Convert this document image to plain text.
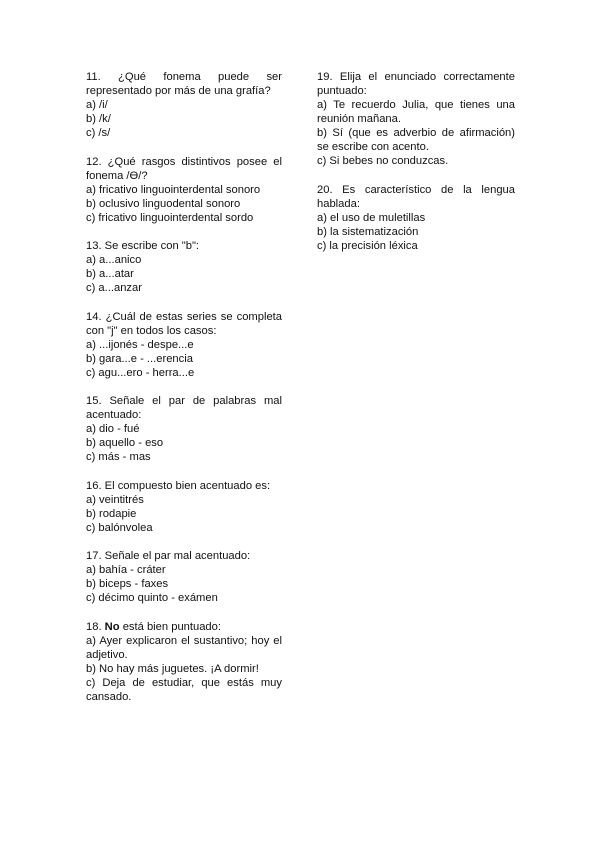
11. ¿Qué fonema puede ser representado por más de una grafía?
a) /i/
b) /k/
c) /s/
12. ¿Qué rasgos distintivos posee el fonema /Ɵ/?
a) fricativo linguointerdental sonoro
b) oclusivo linguodental sonoro
c) fricativo linguointerdental sordo
13. Se escribe con "b":
a) a...anico
b) a...atar
c) a...anzar
14. ¿Cuál de estas series se completa con "j" en todos los casos:
a) ...ijonés - despe...e
b) gara...e - ...erencia
c) agu...ero - herra...e
15. Señale el par de palabras mal acentuado:
a) dio - fué
b) aquello - eso
c) más - mas
16. El compuesto bien acentuado es:
a) veintitrés
b) rodapie
c) balónvolea
17. Señale el par mal acentuado:
a) bahía - cráter
b) biceps - faxes
c) décimo quinto - exámen
18. No está bien puntuado:
a) Ayer explicaron el sustantivo; hoy el adjetivo.
b) No hay más juguetes. ¡A dormir!
c) Deja de estudiar, que estás muy cansado.
19. Elija el enunciado correctamente puntuado:
a) Te recuerdo Julia, que tienes una reunión mañana.
b) Sí (que es adverbio de afirmación) se escribe con acento.
c) Si bebes no conduzcas.
20. Es característico de la lengua hablada:
a) el uso de muletillas
b) la sistematización
c) la precisión léxica
